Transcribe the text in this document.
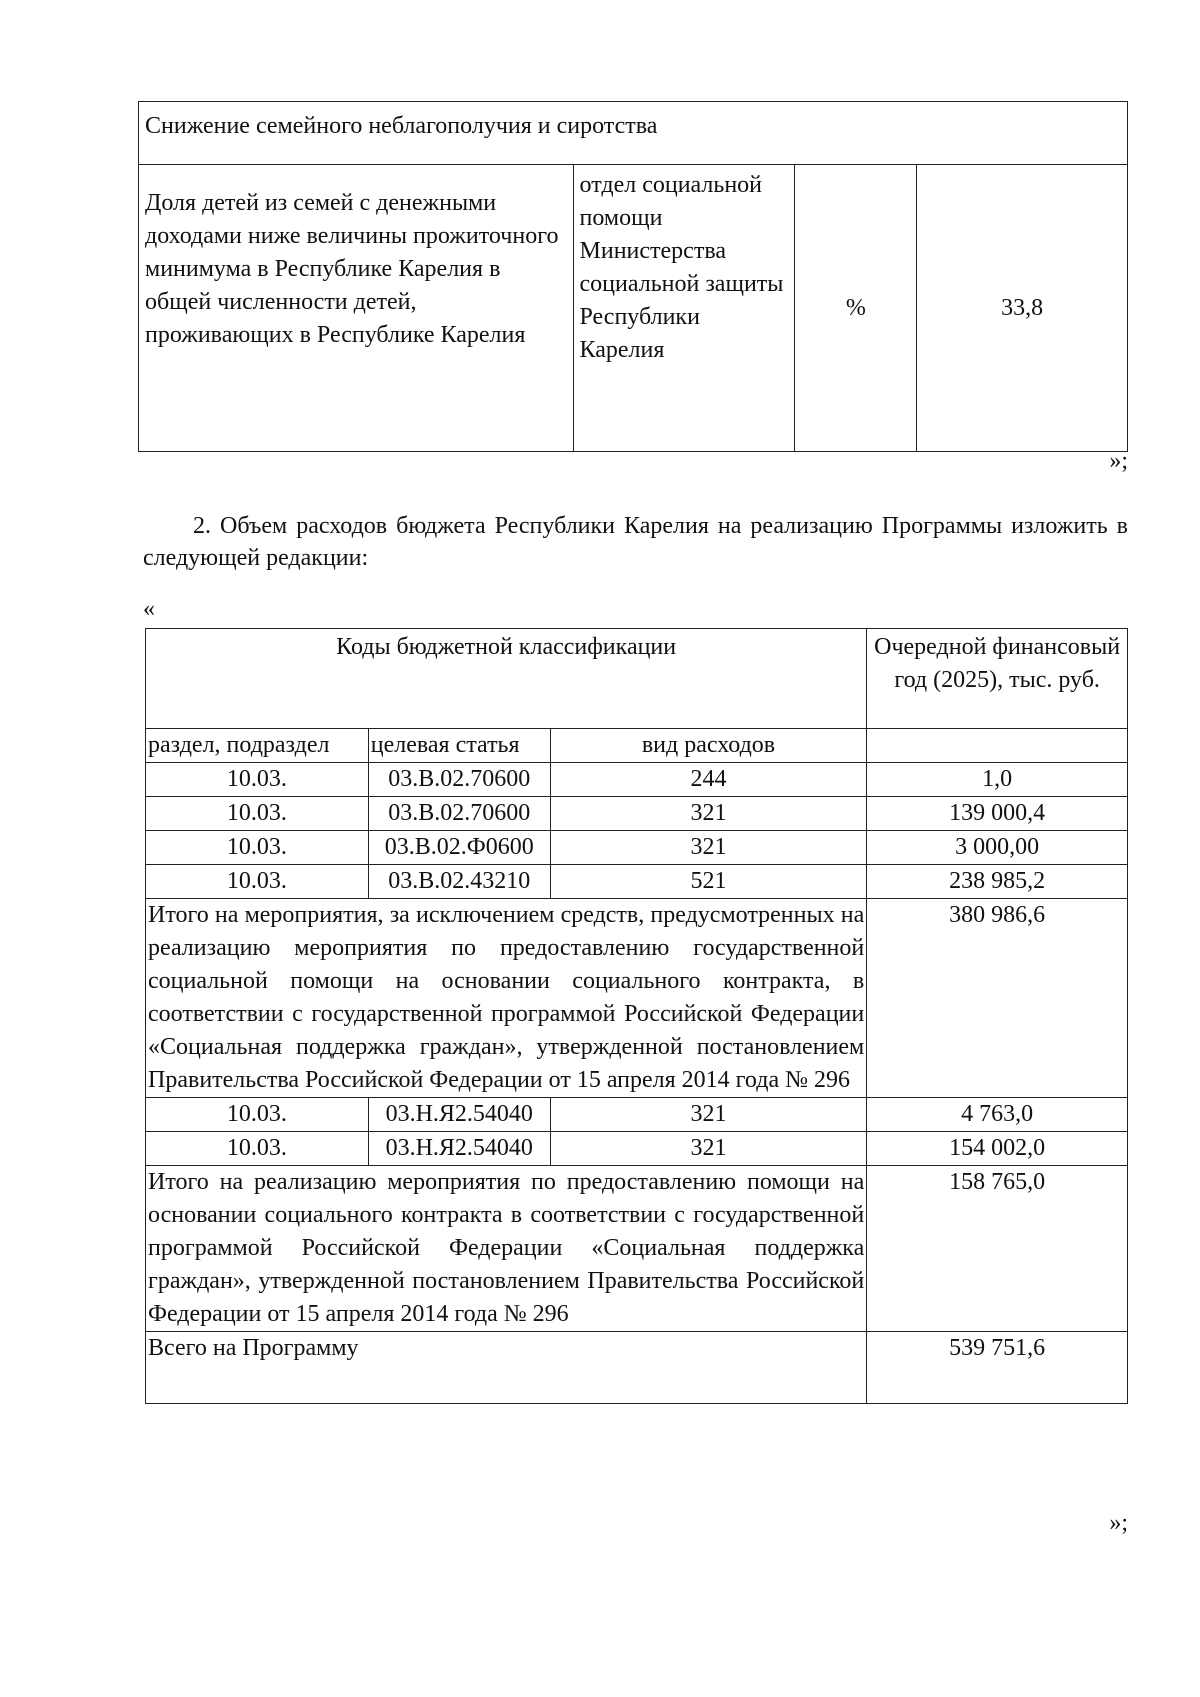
Снижение семейного неблагополучия и сиротства
Доля детей из семей с денежными доходами ниже величины прожиточного минимума в Республике Карелия в общей численности детей, проживающих в Республике Карелия	отдел социальной помощи Министерства социальной защиты Республики Карелия	%	33,8
»;

2. Объем расходов бюджета Республики Карелия на реализацию Программы изложить в следующей редакции:

«
Коды бюджетной классификации			Очередной финансовый год (2025), тыс. руб.
раздел, подраздел	целевая статья	вид расходов	
10.03.	03.В.02.70600	244	1,0
10.03.	03.В.02.70600	321	139 000,4
10.03.	03.В.02.Ф0600	321	3 000,00
10.03.	03.В.02.43210	521	238 985,2
Итого на мероприятия, за исключением средств, предусмотренных на реализацию мероприятия по предоставлению государственной социальной помощи на основании социального контракта, в соответствии с государственной программой Российской Федерации «Социальная поддержка граждан», утвержденной постановлением Правительства Российской Федерации от 15 апреля 2014 года № 296			380 986,6
10.03.	03.Н.Я2.54040	321	4 763,0
10.03.	03.Н.Я2.54040	321	154 002,0
Итого на реализацию мероприятия по предоставлению помощи на основании социального контракта в соответствии с государственной программой Российской Федерации «Социальная поддержка граждан», утвержденной постановлением Правительства Российской Федерации от 15 апреля 2014 года № 296			158 765,0
Всего на Программу			539 751,6
»;
